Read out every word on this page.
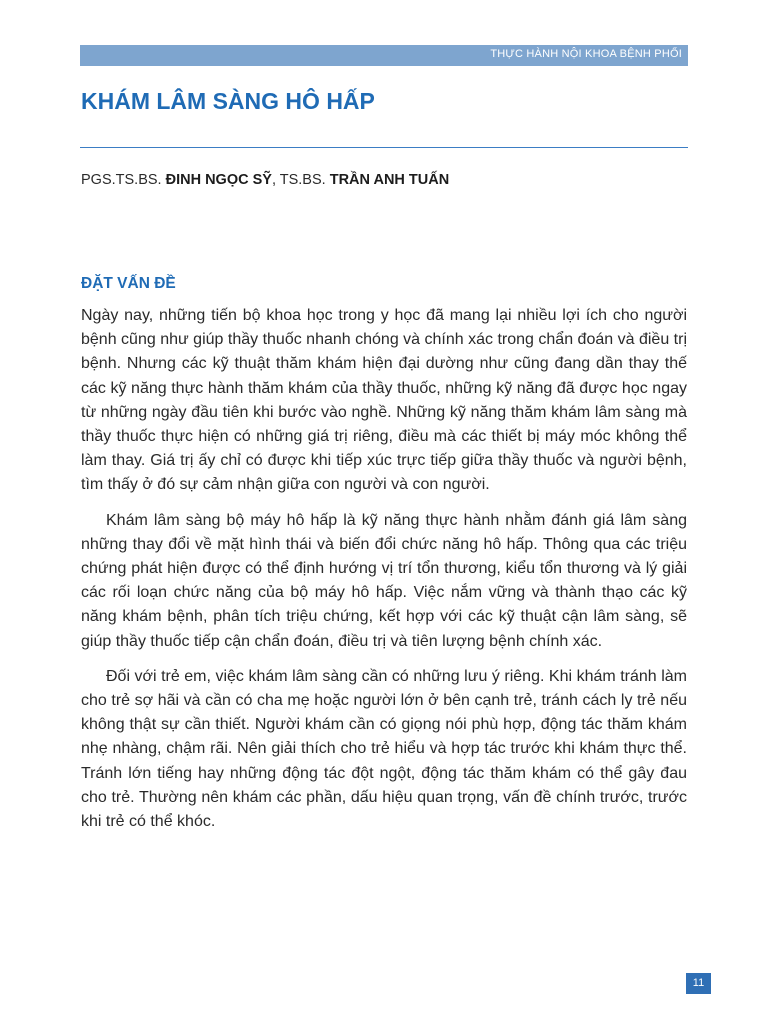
THỰC HÀNH NỘI KHOA BỆNH PHỔI
KHÁM LÂM SÀNG HÔ HẤP
PGS.TS.BS. ĐINH NGỌC SỸ, TS.BS. TRẦN ANH TUẤN
ĐẶT VẤN ĐỀ

Ngày nay, những tiến bộ khoa học trong y học đã mang lại nhiều lợi ích cho người bệnh cũng như giúp thầy thuốc nhanh chóng và chính xác trong chẩn đoán và điều trị bệnh. Nhưng các kỹ thuật thăm khám hiện đại dường như cũng đang dần thay thế các kỹ năng thực hành thăm khám của thầy thuốc, những kỹ năng đã được học ngay từ những ngày đầu tiên khi bước vào nghề. Những kỹ năng thăm khám lâm sàng mà thầy thuốc thực hiện có những giá trị riêng, điều mà các thiết bị máy móc không thể làm thay. Giá trị ấy chỉ có được khi tiếp xúc trực tiếp giữa thầy thuốc và người bệnh, tìm thấy ở đó sự cảm nhận giữa con người và con người.

Khám lâm sàng bộ máy hô hấp là kỹ năng thực hành nhằm đánh giá lâm sàng những thay đổi về mặt hình thái và biến đổi chức năng hô hấp. Thông qua các triệu chứng phát hiện được có thể định hướng vị trí tổn thương, kiểu tổn thương và lý giải các rối loạn chức năng của bộ máy hô hấp. Việc nắm vững và thành thạo các kỹ năng khám bệnh, phân tích triệu chứng, kết hợp với các kỹ thuật cận lâm sàng, sẽ giúp thầy thuốc tiếp cận chẩn đoán, điều trị và tiên lượng bệnh chính xác.

Đối với trẻ em, việc khám lâm sàng cần có những lưu ý riêng. Khi khám tránh làm cho trẻ sợ hãi và cần có cha mẹ hoặc người lớn ở bên cạnh trẻ, tránh cách ly trẻ nếu không thật sự cần thiết. Người khám cần có giọng nói phù hợp, động tác thăm khám nhẹ nhàng, chậm rãi. Nên giải thích cho trẻ hiểu và hợp tác trước khi khám thực thể. Tránh lớn tiếng hay những động tác đột ngột, động tác thăm khám có thể gây đau cho trẻ. Thường nên khám các phần, dấu hiệu quan trọng, vấn đề chính trước, trước khi trẻ có thể khóc.

11
